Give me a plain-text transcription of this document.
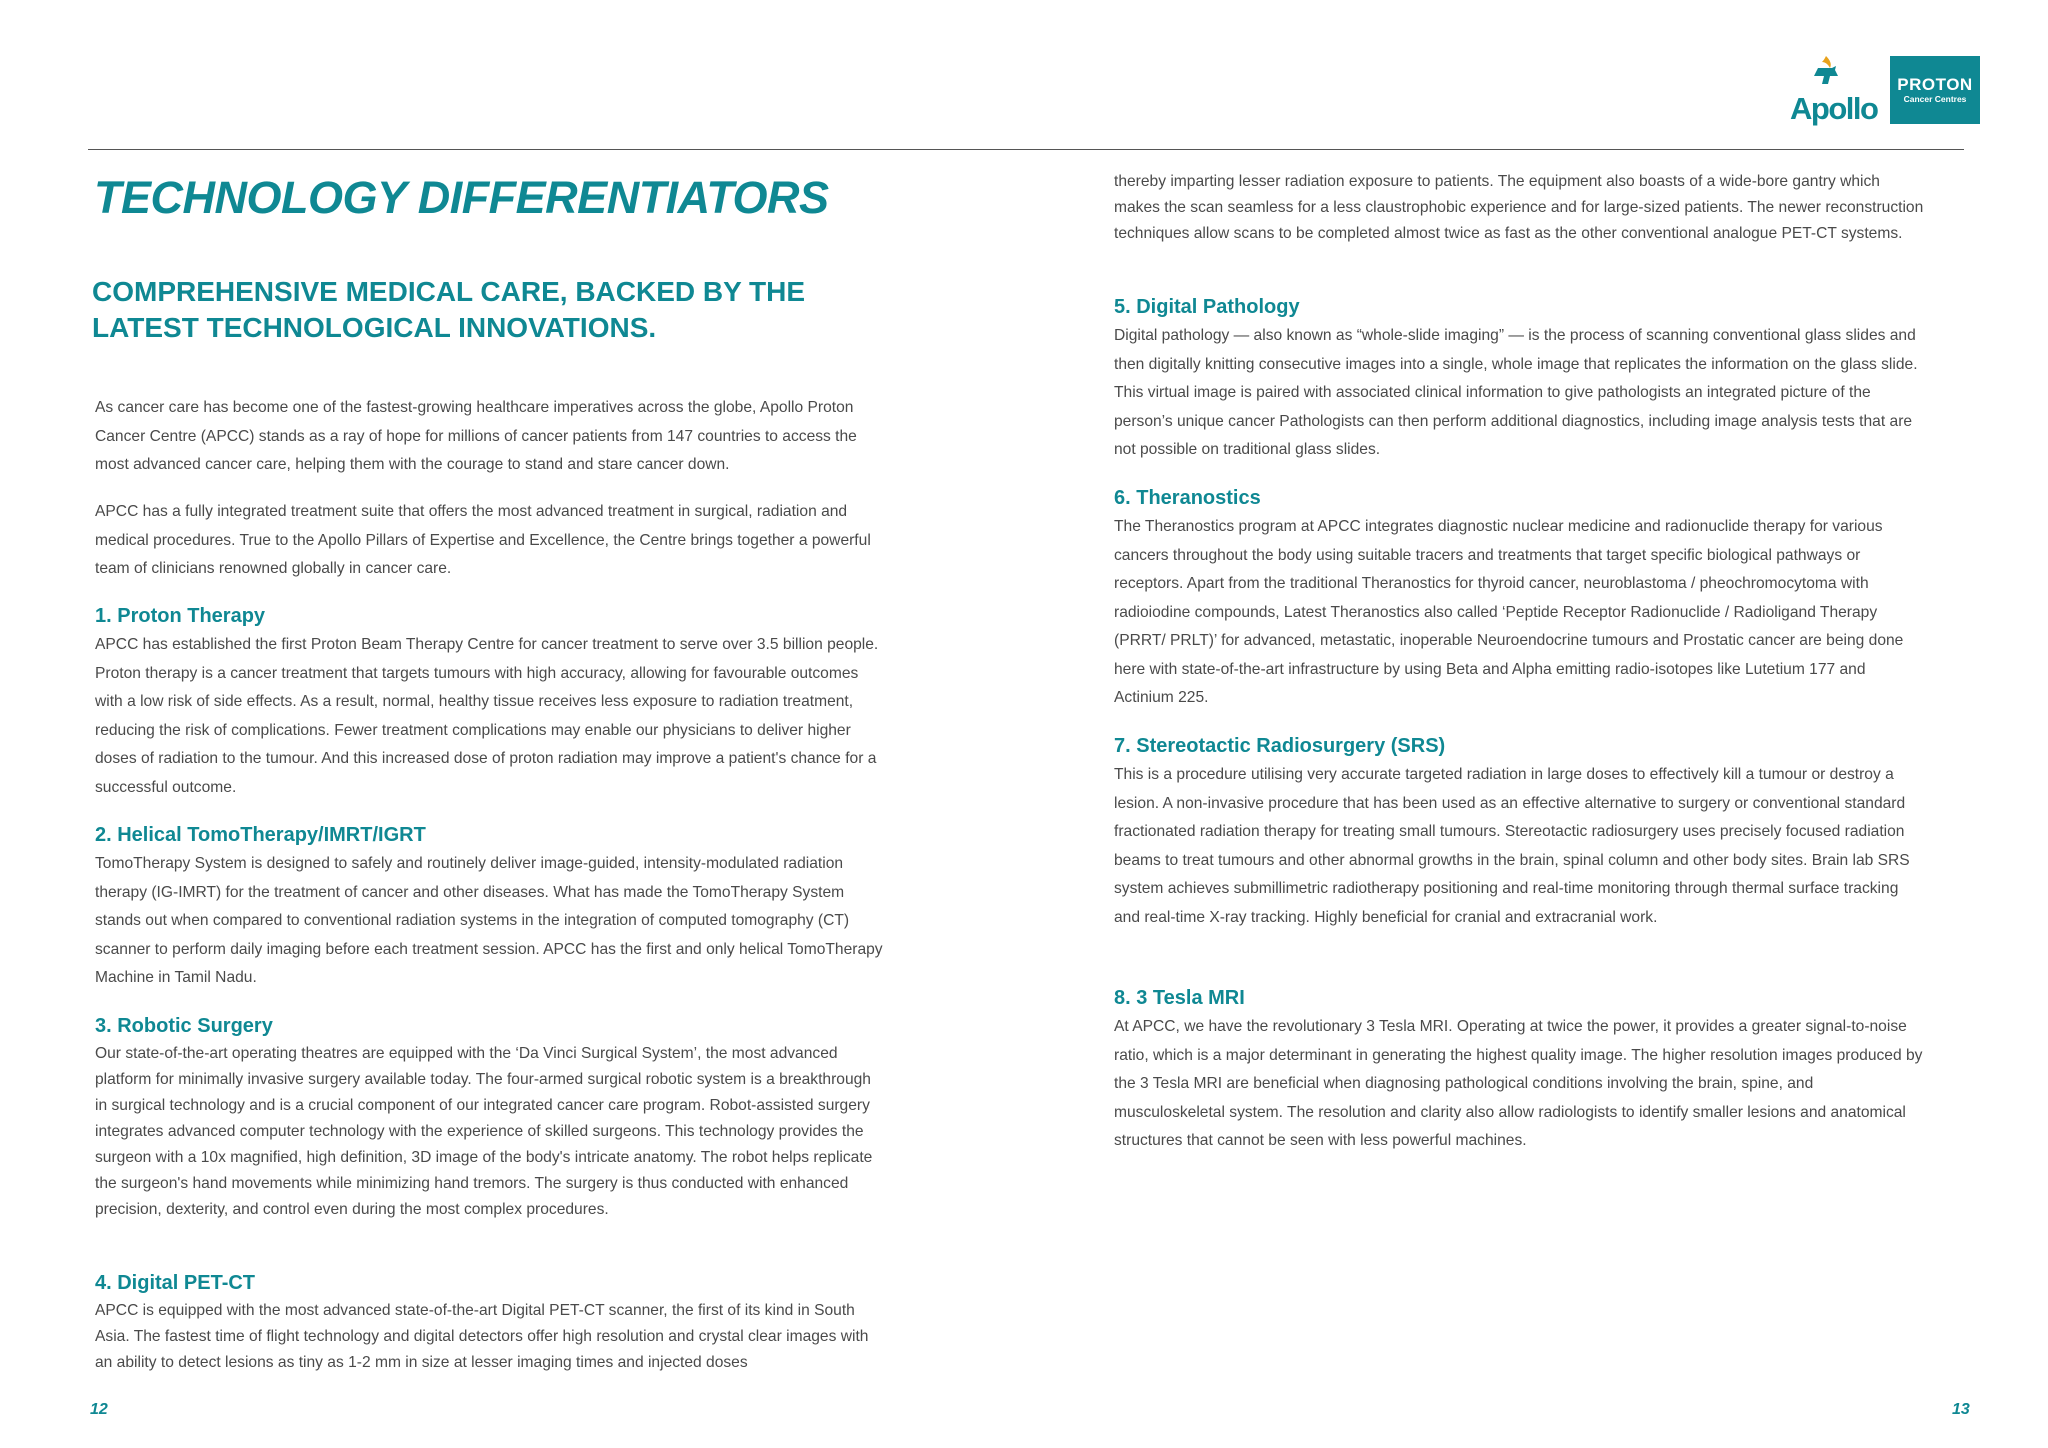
Apollo
PROTON
Cancer Centres
TECHNOLOGY DIFFERENTIATORS
COMPREHENSIVE MEDICAL CARE, BACKED BY THE
LATEST TECHNOLOGICAL INNOVATIONS.

As cancer care has become one of the fastest-growing healthcare imperatives across the globe, Apollo Proton Cancer Centre (APCC) stands as a ray of hope for millions of cancer patients from 147 countries to access the most advanced cancer care, helping them with the courage to stand and stare cancer down.

APCC has a fully integrated treatment suite that offers the most advanced treatment in surgical, radiation and medical procedures. True to the Apollo Pillars of Expertise and Excellence, the Centre brings together a powerful team of clinicians renowned globally in cancer care.

1. Proton Therapy

APCC has established the first Proton Beam Therapy Centre for cancer treatment to serve over 3.5 billion people. Proton therapy is a cancer treatment that targets tumours with high accuracy, allowing for favourable outcomes with a low risk of side effects. As a result, normal, healthy tissue receives less exposure to radiation treatment, reducing the risk of complications. Fewer treatment complications may enable our physicians to deliver higher doses of radiation to the tumour. And this increased dose of proton radiation may improve a patient's chance for a successful outcome.

2. Helical TomoTherapy/IMRT/IGRT

TomoTherapy System is designed to safely and routinely deliver image-guided, intensity-modulated radiation therapy (IG-IMRT) for the treatment of cancer and other diseases. What has made the TomoTherapy System stands out when compared to conventional radiation systems in the integration of computed tomography (CT) scanner to perform daily imaging before each treatment session. APCC has the first and only helical TomoTherapy Machine in Tamil Nadu.

3. Robotic Surgery

Our state-of-the-art operating theatres are equipped with the ‘Da Vinci Surgical System’, the most advanced platform for minimally invasive surgery available today. The four-armed surgical robotic system is a breakthrough in surgical technology and is a crucial component of our integrated cancer care program. Robot-assisted surgery integrates advanced computer technology with the experience of skilled surgeons. This technology provides the surgeon with a 10x magnified, high definition, 3D image of the body's intricate anatomy. The robot helps replicate the surgeon's hand movements while minimizing hand tremors. The surgery is thus conducted with enhanced precision, dexterity, and control even during the most complex procedures.

4. Digital PET-CT

APCC is equipped with the most advanced state-of-the-art Digital PET-CT scanner, the first of its kind in South Asia. The fastest time of flight technology and digital detectors offer high resolution and crystal clear images with an ability to detect lesions as tiny as 1-2 mm in size at lesser imaging times and injected doses

12

thereby imparting lesser radiation exposure to patients. The equipment also boasts of a wide-bore gantry which makes the scan seamless for a less claustrophobic experience and for large-sized patients. The newer reconstruction techniques allow scans to be completed almost twice as fast as the other conventional analogue PET-CT systems.

5. Digital Pathology

Digital pathology — also known as “whole-slide imaging” — is the process of scanning conventional glass slides and then digitally knitting consecutive images into a single, whole image that replicates the information on the glass slide. This virtual image is paired with associated clinical information to give pathologists an integrated picture of the person’s unique cancer Pathologists can then perform additional diagnostics, including image analysis tests that are not possible on traditional glass slides.

6. Theranostics

The Theranostics program at APCC integrates diagnostic nuclear medicine and radionuclide therapy for various cancers throughout the body using suitable tracers and treatments that target specific biological pathways or receptors. Apart from the traditional Theranostics for thyroid cancer, neuroblastoma / pheochromocytoma with radioiodine compounds, Latest Theranostics also called ‘Peptide Receptor Radionuclide / Radioligand Therapy (PRRT/ PRLT)’ for advanced, metastatic, inoperable Neuroendocrine tumours and Prostatic cancer are being done here with state-of-the-art infrastructure by using Beta and Alpha emitting radio-isotopes like Lutetium 177 and Actinium 225.

7. Stereotactic Radiosurgery (SRS)

This is a procedure utilising very accurate targeted radiation in large doses to effectively kill a tumour or destroy a lesion. A non-invasive procedure that has been used as an effective alternative to surgery or conventional standard fractionated radiation therapy for treating small tumours. Stereotactic radiosurgery uses precisely focused radiation beams to treat tumours and other abnormal growths in the brain, spinal column and other body sites. Brain lab SRS system achieves submillimetric radiotherapy positioning and real-time monitoring through thermal surface tracking and real-time X-ray tracking. Highly beneficial for cranial and extracranial work.

8. 3 Tesla MRI

At APCC, we have the revolutionary 3 Tesla MRI. Operating at twice the power, it provides a greater signal-to-noise ratio, which is a major determinant in generating the highest quality image. The higher resolution images produced by the 3 Tesla MRI are beneficial when diagnosing pathological conditions involving the brain, spine, and musculoskeletal system. The resolution and clarity also allow radiologists to identify smaller lesions and anatomical structures that cannot be seen with less powerful machines.

13
